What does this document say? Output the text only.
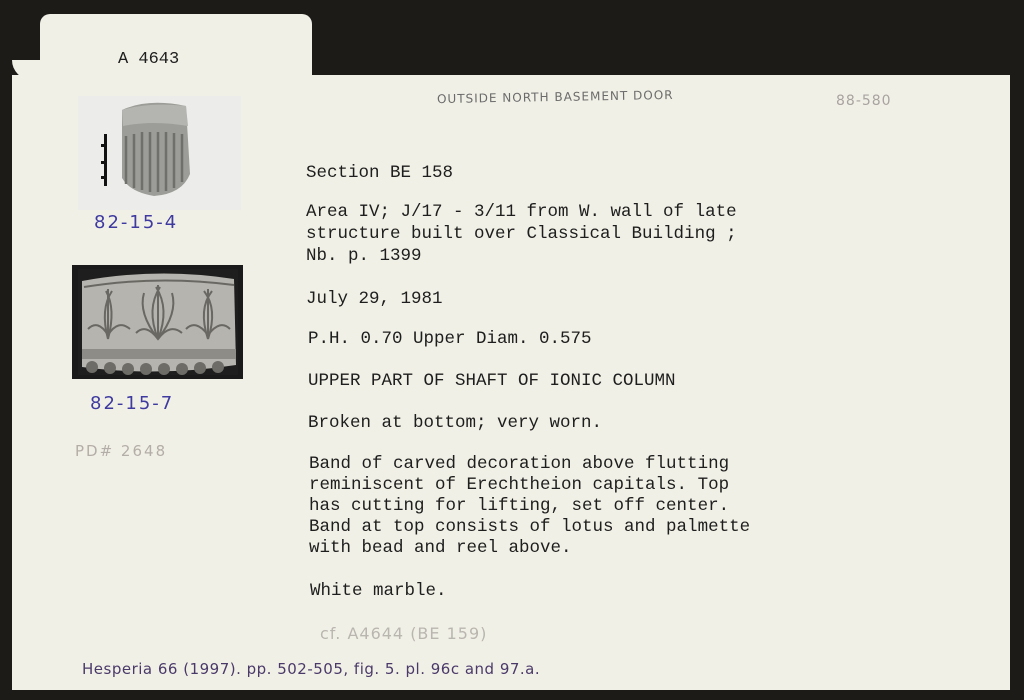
A 4643
OUTSIDE NORTH BASEMENT DOOR	88-580
82-15-4
82-15-7
PD# 2648
Section BE 158
Area IV; J/17 - 3/11 from W. wall of late
structure built over Classical Building ;
Nb. p. 1399
July 29, 1981
P.H. 0.70 Upper Diam. 0.575
UPPER PART OF SHAFT OF IONIC COLUMN
Broken at bottom; very worn.
Band of carved decoration above flutting
reminiscent of Erechtheion capitals. Top
has cutting for lifting, set off center.
Band at top consists of lotus and palmette
with bead and reel above.
White marble.
cf. A4644 (BE 159)
Hesperia 66 (1997). pp. 502-505, fig. 5. pl. 96c and 97.a.
